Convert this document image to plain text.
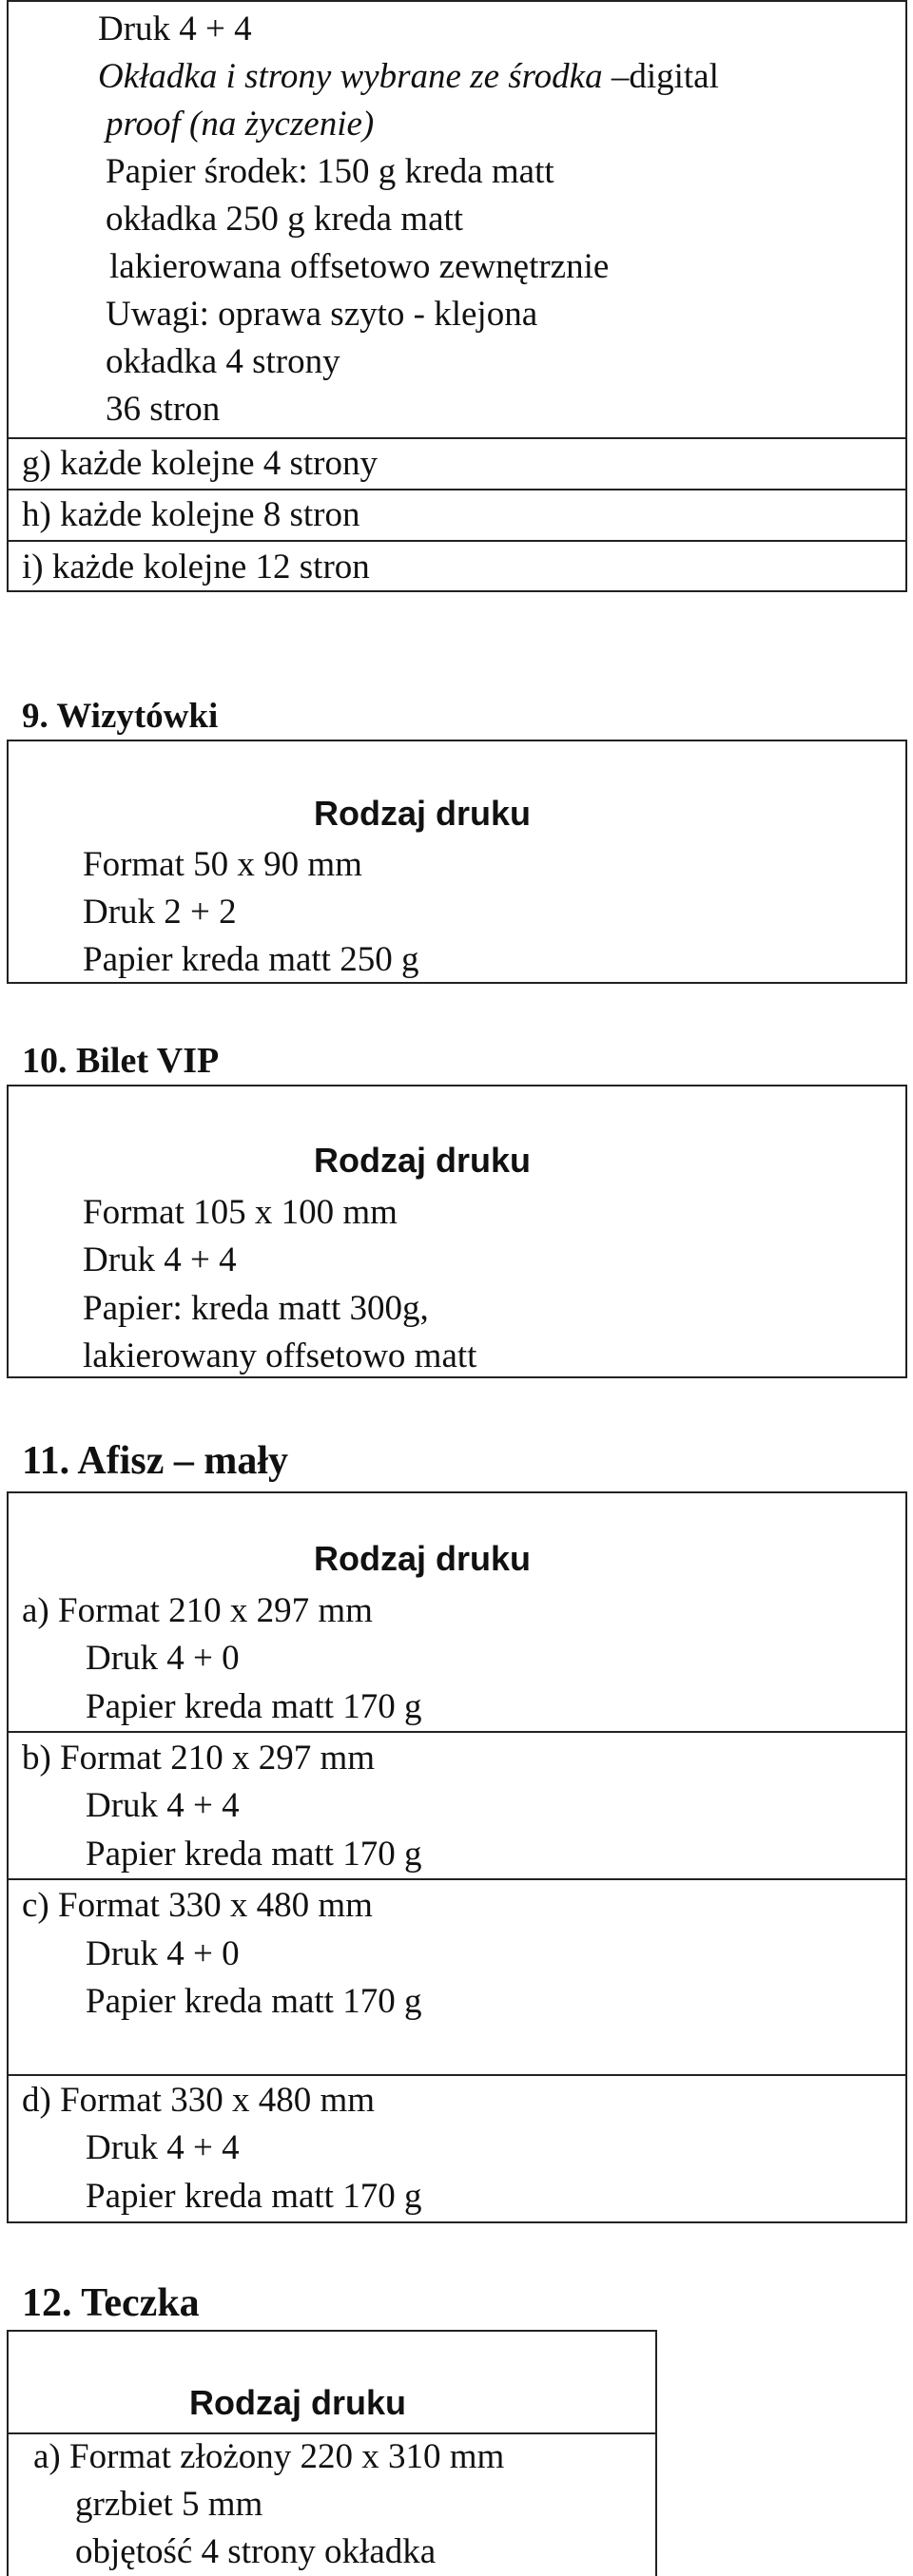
Druk 4 + 4
Okładka i strony wybrane ze środka –digital
proof (na życzenie)
Papier środek: 150 g kreda matt
okładka 250 g kreda matt
lakierowana offsetowo zewnętrznie
Uwagi: oprawa szyto - klejona
okładka 4 strony
36 stron
g) każde kolejne 4 strony
h) każde kolejne 8 stron
i) każde kolejne 12 stron
9. Wizytówki
Rodzaj druku
Format 50 x 90 mm
Druk 2 + 2
Papier kreda matt 250 g
10. Bilet VIP
Rodzaj druku
Format 105 x 100 mm
Druk 4 + 4
Papier: kreda matt 300g,
lakierowany offsetowo matt
11. Afisz – mały
Rodzaj druku
a) Format 210 x 297 mm
Druk 4 + 0
Papier kreda matt 170 g
b) Format 210 x 297 mm
Druk 4 + 4
Papier kreda matt 170 g
c) Format 330 x 480 mm
Druk 4 + 0
Papier kreda matt 170 g
d) Format 330 x 480 mm
Druk 4 + 4
Papier kreda matt 170 g
12. Teczka
Rodzaj druku
a) Format złożony 220 x 310 mm
grzbiet 5 mm
objętość 4 strony okładka
